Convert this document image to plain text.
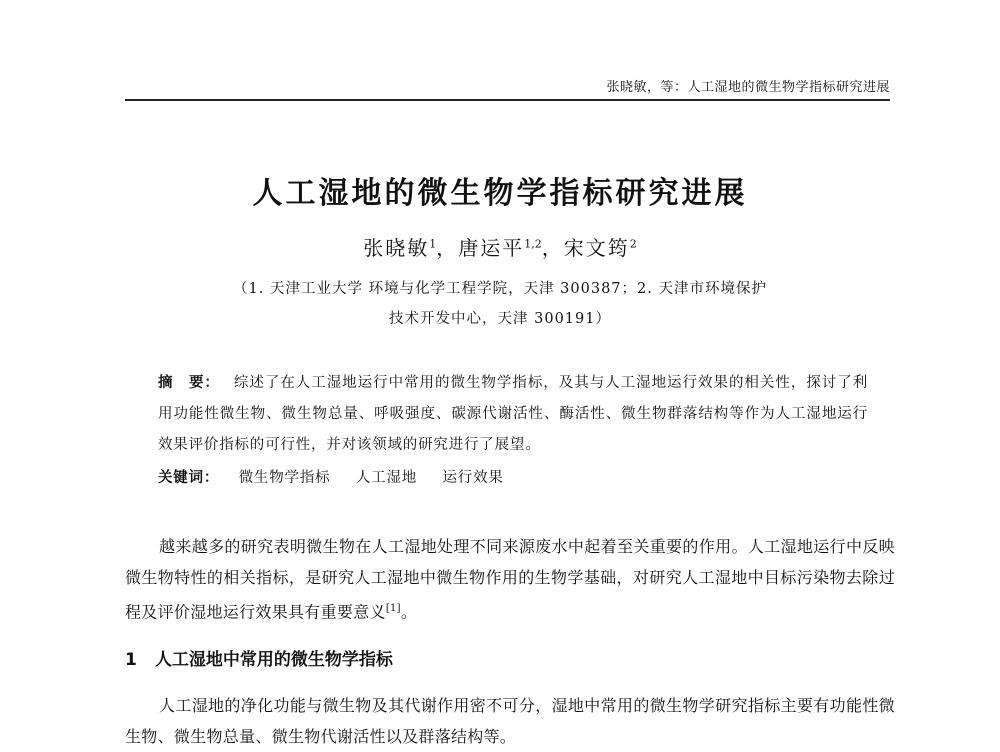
张晓敏，等：人工湿地的微生物学指标研究进展
人工湿地的微生物学指标研究进展
张晓敏$^1$，唐运平$^{1,2}$，宋文筠$^2$
（1. 天津工业大学 环境与化学工程学院，天津 300387；2. 天津市环境保护
技术开发中心，天津 300191）
摘　要： 综述了在人工湿地运行中常用的微生物学指标，及其与人工湿地运行效果的相关性，探讨了利用功能性微生物、微生物总量、呼吸强度、碳源代谢活性、酶活性、微生物群落结构等作为人工湿地运行效果评价指标的可行性，并对该领域的研究进行了展望。
关键词： 微生物学指标 人工湿地 运行效果
越来越多的研究表明微生物在人工湿地处理不同来源废水中起着至关重要的作用。人工湿地运行中反映微生物特性的相关指标，是研究人工湿地中微生物作用的生物学基础，对研究人工湿地中目标污染物去除过程及评价湿地运行效果具有重要意义[1]。
1 人工湿地中常用的微生物学指标
人工湿地的净化功能与微生物及其代谢作用密不可分，湿地中常用的微生物学研究指标主要有功能性微生物、微生物总量、微生物代谢活性以及群落结构等。
